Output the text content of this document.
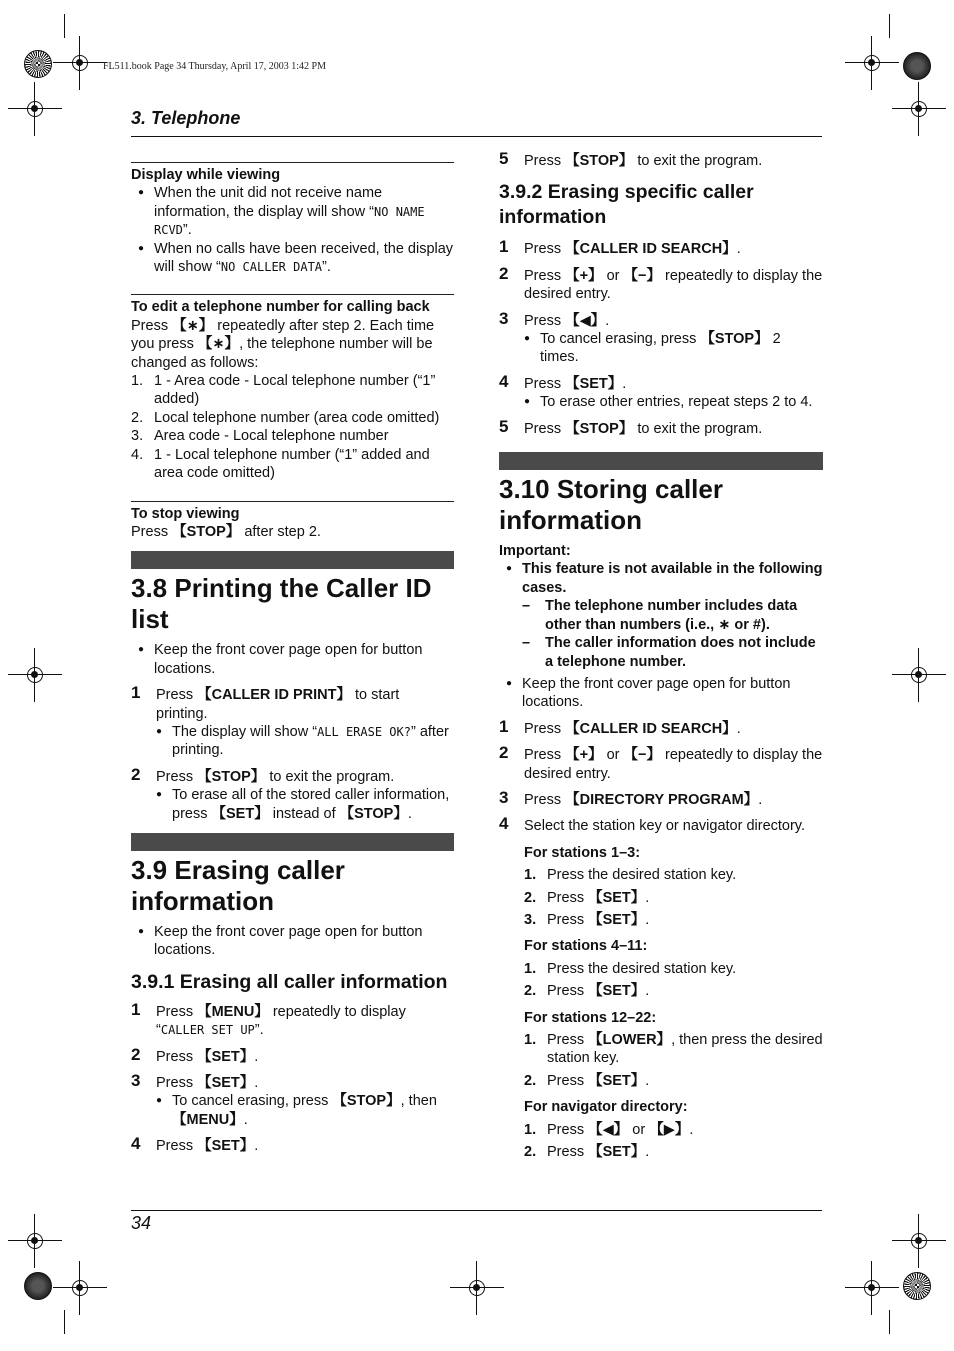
FL511.book Page 34 Thursday, April 17, 2003 1:42 PM
3. Telephone
Display while viewing
● When the unit did not receive name information, the display will show “NO NAME RCVD”.
● When no calls have been received, the display will show “NO CALLER DATA”.
To edit a telephone number for calling back
Press 【∗】 repeatedly after step 2. Each time you press 【∗】, the telephone number will be changed as follows:
1. 1 - Area code - Local telephone number (“1” added)
2. Local telephone number (area code omitted)
3. Area code - Local telephone number
4. 1 - Local telephone number (“1” added and area code omitted)
To stop viewing
Press 【STOP】 after step 2.
3.8 Printing the Caller ID list
● Keep the front cover page open for button locations.
1 Press 【CALLER ID PRINT】 to start printing.
● The display will show “ALL ERASE OK?” after printing.
2 Press 【STOP】 to exit the program.
● To erase all of the stored caller information, press 【SET】 instead of 【STOP】.
3.9 Erasing caller information
● Keep the front cover page open for button locations.
3.9.1 Erasing all caller information
1 Press 【MENU】 repeatedly to display “CALLER SET UP”.
2 Press 【SET】.
3 Press 【SET】.
● To cancel erasing, press 【STOP】, then 【MENU】.
4 Press 【SET】.
5 Press 【STOP】 to exit the program.
3.9.2 Erasing specific caller information
1 Press 【CALLER ID SEARCH】.
2 Press 【+】 or 【−】 repeatedly to display the desired entry.
3 Press 【◀】.
● To cancel erasing, press 【STOP】 2 times.
4 Press 【SET】.
● To erase other entries, repeat steps 2 to 4.
5 Press 【STOP】 to exit the program.
3.10 Storing caller information
Important:
● This feature is not available in the following cases.
– The telephone number includes data other than numbers (i.e., ∗ or #).
– The caller information does not include a telephone number.
● Keep the front cover page open for button locations.
1 Press 【CALLER ID SEARCH】.
2 Press 【+】 or 【−】 repeatedly to display the desired entry.
3 Press 【DIRECTORY PROGRAM】.
4 Select the station key or navigator directory.
For stations 1–3:
1. Press the desired station key.
2. Press 【SET】.
3. Press 【SET】.
For stations 4–11:
1. Press the desired station key.
2. Press 【SET】.
For stations 12–22:
1. Press 【LOWER】, then press the desired station key.
2. Press 【SET】.
For navigator directory:
1. Press 【◀】 or 【▶】.
2. Press 【SET】.
34
